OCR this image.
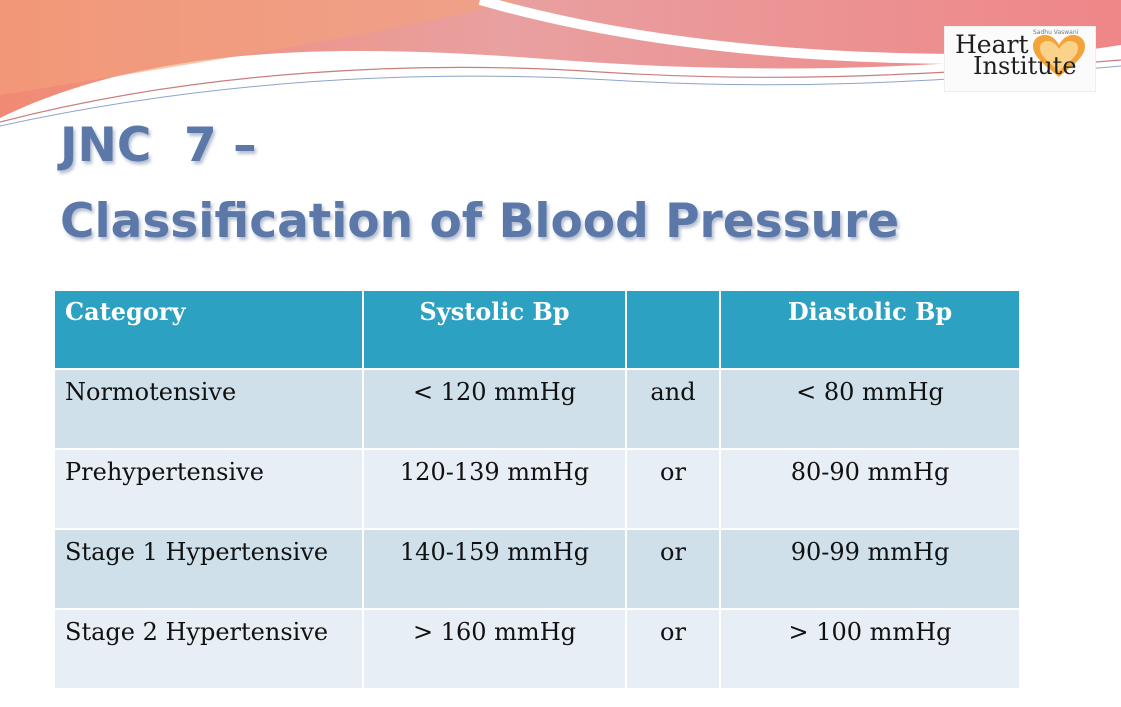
Sadhu Vaswani
Heart
Institute
JNC  7 –
Classification of Blood Pressure
Category	Systolic Bp		Diastolic Bp
Normotensive	< 120 mmHg	and	< 80 mmHg
Prehypertensive	120-139 mmHg	or	80-90 mmHg
Stage 1 Hypertensive	140-159 mmHg	or	90-99 mmHg
Stage 2 Hypertensive	> 160 mmHg	or	> 100 mmHg
